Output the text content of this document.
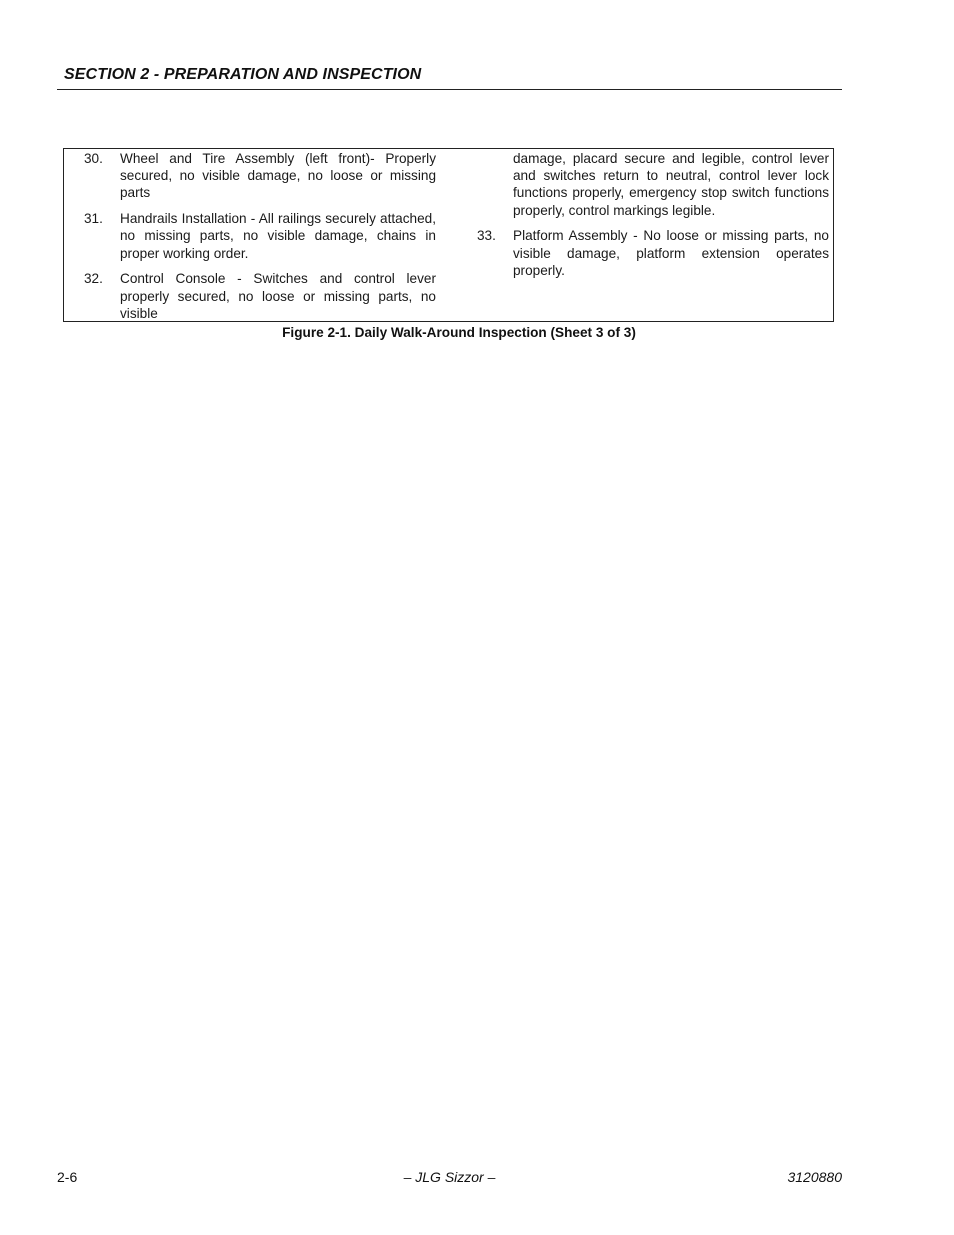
SECTION 2 - PREPARATION AND INSPECTION
30.	Wheel and Tire Assembly (left front)- Properly secured, no visible damage, no loose or missing parts
31.	Handrails Installation - All railings securely attached, no missing parts, no visible damage, chains in proper working order.
32.	Control Console - Switches and control lever properly secured, no loose or missing parts, no visible
damage, placard secure and legible, control lever and switches return to neutral, control lever lock functions properly, emergency stop switch functions properly, control markings legible.
33.	Platform Assembly - No loose or missing parts, no visible damage, platform extension operates properly.
Figure 2-1. Daily Walk-Around Inspection (Sheet 3 of 3)
2-6	– JLG Sizzor –	3120880
